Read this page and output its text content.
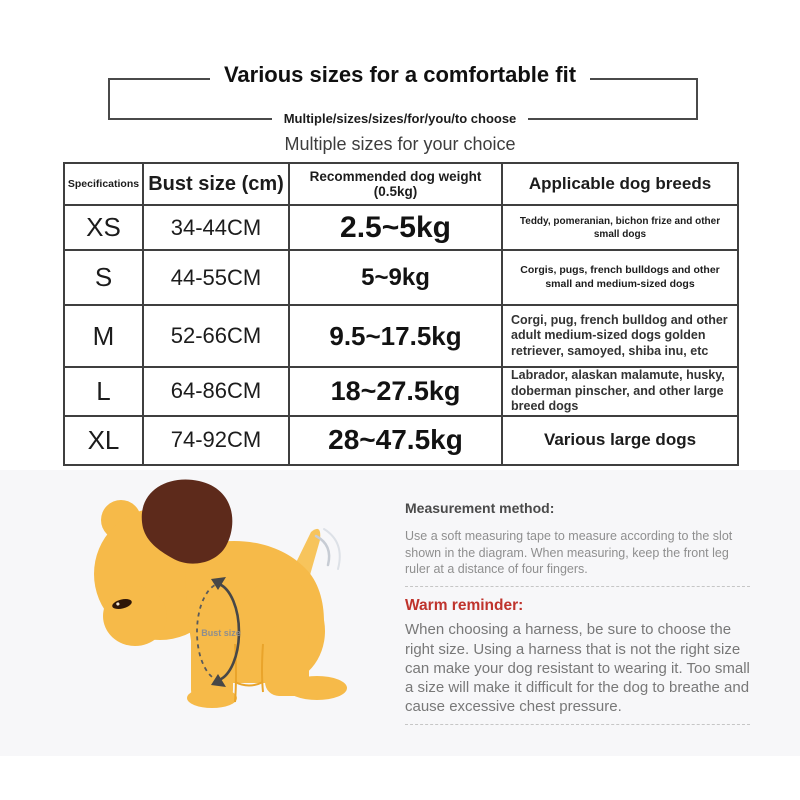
Various sizes for a comfortable fit
Multiple/sizes/sizes/for/you/to choose
Multiple sizes for your choice
Specifications	Bust size (cm)	Recommended dog weight (0.5kg)	Applicable dog breeds
XS	34-44CM	2.5~5kg	Teddy, pomeranian, bichon frize and other small dogs
S	44-55CM	5~9kg	Corgis, pugs, french bulldogs and other small and medium-sized dogs
M	52-66CM	9.5~17.5kg	Corgi, pug, french bulldog and other adult medium-sized dogs golden retriever, samoyed, shiba inu, etc
L	64-86CM	18~27.5kg	Labrador, alaskan malamute, husky, doberman pinscher, and other large breed dogs
XL	74-92CM	28~47.5kg	Various large dogs
Bust size
Measurement method:
Use a soft measuring tape to measure according to the slot shown in the diagram. When measuring, keep the front leg ruler at a distance of four fingers.
Warm reminder:
When choosing a harness, be sure to choose the right size. Using a harness that is not the right size can make your dog resistant to wearing it. Too small a size will make it difficult for the dog to breathe and cause excessive chest pressure.
